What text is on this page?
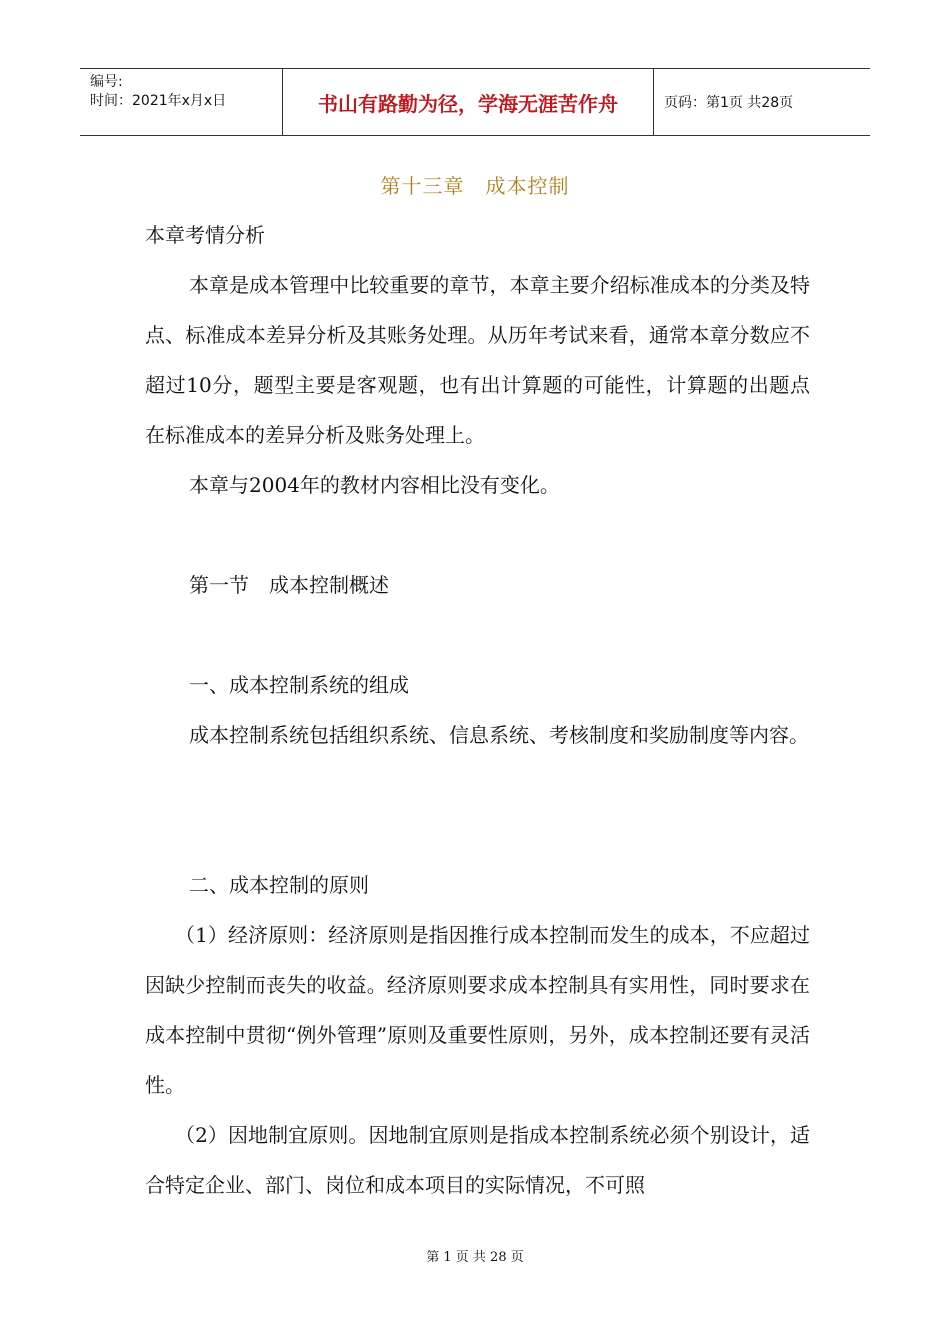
编号:
时间：2021年x月x日	书山有路勤为径，学海无涯苦作舟	页码：第1页 共28页
第十三章　成本控制
本章考情分析

本章是成本管理中比较重要的章节，本章主要介绍标准成本的分类及特点、标准成本差异分析及其账务处理。从历年考试来看，通常本章分数应不超过10分，题型主要是客观题，也有出计算题的可能性，计算题的出题点在标准成本的差异分析及账务处理上。

本章与2004年的教材内容相比没有变化。

第一节　成本控制概述
一、成本控制系统的组成

成本控制系统包括组织系统、信息系统、考核制度和奖励制度等内容。

二、成本控制的原则

（1）经济原则：经济原则是指因推行成本控制而发生的成本，不应超过因缺少控制而丧失的收益。经济原则要求成本控制具有实用性，同时要求在成本控制中贯彻“例外管理”原则及重要性原则，另外，成本控制还要有灵活性。

（2）因地制宜原则。因地制宜原则是指成本控制系统必须个别设计，适合特定企业、部门、岗位和成本项目的实际情况，不可照

第 1 页 共 28 页
